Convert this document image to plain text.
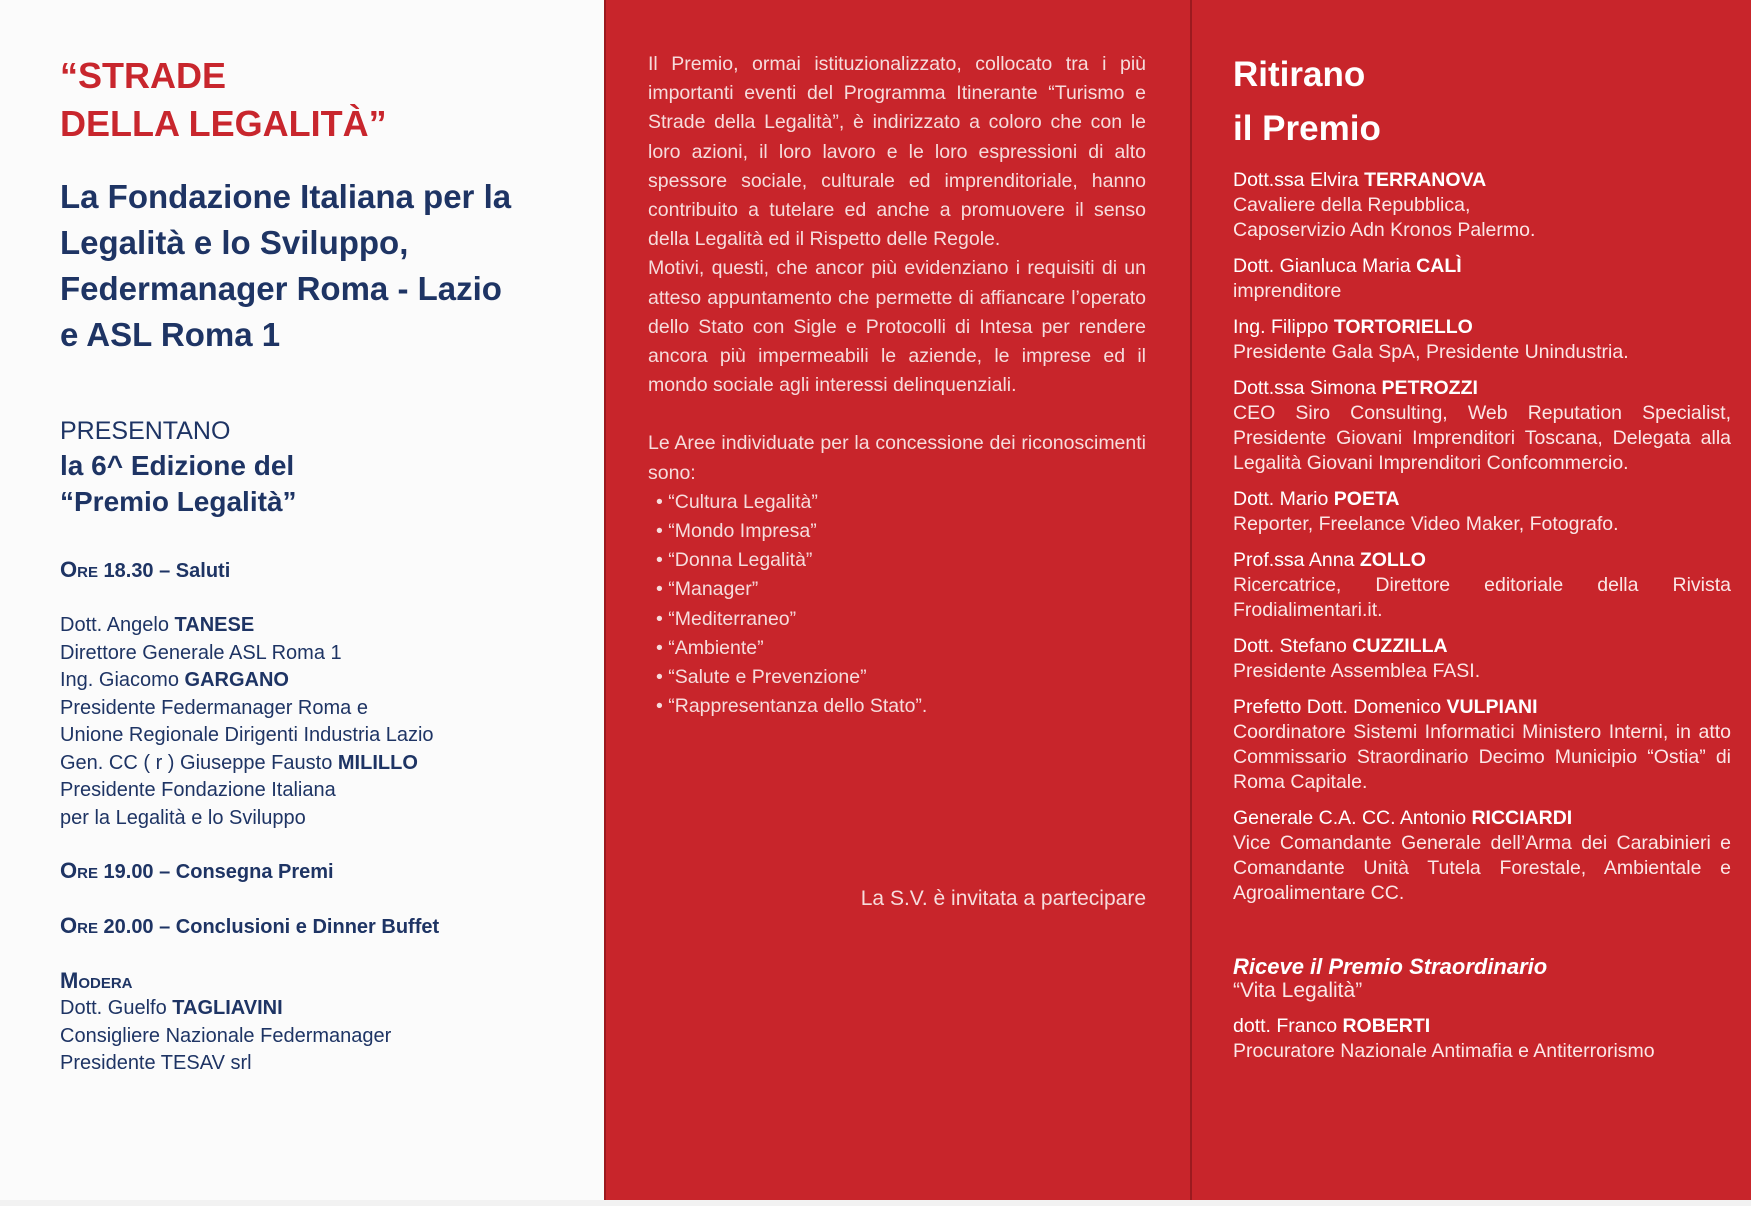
“STRADE
DELLA LEGALITÀ”
La Fondazione Italiana per la
Legalità e lo Sviluppo,
Federmanager Roma - Lazio
e ASL Roma 1
PRESENTANO
la 6^ Edizione del
“Premio Legalità”
Ore 18.30 – Saluti
Dott. Angelo TANESE
Direttore Generale ASL Roma 1
Ing. Giacomo GARGANO
Presidente Federmanager Roma e
Unione Regionale Dirigenti Industria Lazio
Gen. CC ( r ) Giuseppe Fausto MILILLO
Presidente Fondazione Italiana
per la Legalità e lo Sviluppo
Ore 19.00 – Consegna Premi
Ore 20.00 – Conclusioni e Dinner Buffet
Modera
Dott. Guelfo TAGLIAVINI
Consigliere Nazionale Federmanager
Presidente TESAV srl

Il Premio, ormai istituzionalizzato, collocato tra i più importanti eventi del Programma Itinerante “Turismo e Strade della Legalità”, è indirizzato a coloro che con le loro azioni, il loro lavoro e le loro espressioni di alto spessore sociale, culturale ed imprenditoriale, hanno contribuito a tutelare ed anche a promuovere il senso della Legalità ed il Rispetto delle Regole.

Motivi, questi, che ancor più evidenziano i requisiti di un atteso appuntamento che permette di affiancare l’operato dello Stato con Sigle e Protocolli di Intesa per rendere ancora più impermeabili le aziende, le imprese ed il mondo sociale agli interessi delinquenziali.

Le Aree individuate per la concessione dei riconoscimenti sono:

• “Cultura Legalità”
• “Mondo Impresa”
• “Donna Legalità”
• “Manager”
• “Mediterraneo”
• “Ambiente”
• “Salute e Prevenzione”
• “Rappresentanza dello Stato”.
La S.V. è invitata a partecipare
Ritirano
il Premio
Dott.ssa Elvira TERRANOVA
Cavaliere della Repubblica,
Caposervizio Adn Kronos Palermo.
Dott. Gianluca Maria CALÌ
imprenditore
Ing. Filippo TORTORIELLO
Presidente Gala SpA, Presidente Unindustria.
Dott.ssa Simona PETROZZI
CEO Siro Consulting, Web Reputation Specialist, Presidente Giovani Imprenditori Toscana, Delegata alla Legalità Giovani Imprenditori Confcommercio.
Dott. Mario POETA
Reporter, Freelance Video Maker, Fotografo.
Prof.ssa Anna ZOLLO
Ricercatrice, Direttore editoriale della Rivista Frodialimentari.it.
Dott. Stefano CUZZILLA
Presidente Assemblea FASI.
Prefetto Dott. Domenico VULPIANI
Coordinatore Sistemi Informatici Ministero Interni, in atto Commissario Straordinario Decimo Municipio “Ostia” di Roma Capitale.
Generale C.A. CC. Antonio RICCIARDI
Vice Comandante Generale dell’Arma dei Carabinieri e Comandante Unità Tutela Forestale, Ambientale e Agroalimentare CC.
Riceve il Premio Straordinario
“Vita Legalità”
dott. Franco ROBERTI
Procuratore Nazionale Antimafia e Antiterrorismo
